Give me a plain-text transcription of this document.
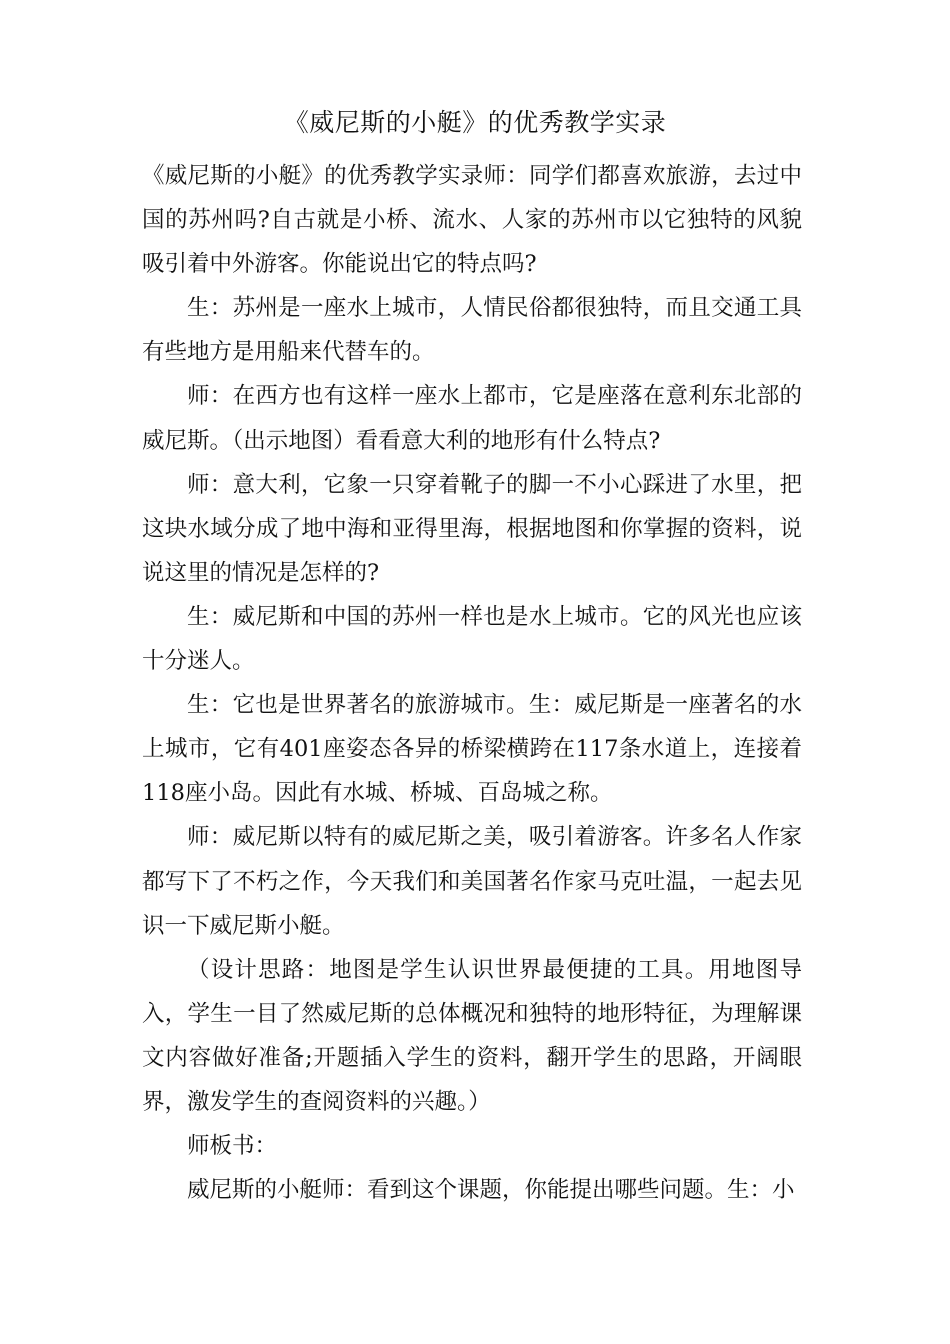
《威尼斯的小艇》的优秀教学实录

《威尼斯的小艇》的优秀教学实录师：同学们都喜欢旅游，去过中国的苏州吗?自古就是小桥、流水、人家的苏州市以它独特的风貌吸引着中外游客。你能说出它的特点吗?

生：苏州是一座水上城市，人情民俗都很独特，而且交通工具有些地方是用船来代替车的。

师：在西方也有这样一座水上都市，它是座落在意利东北部的威尼斯。（出示地图）看看意大利的地形有什么特点?

师：意大利，它象一只穿着靴子的脚一不小心踩进了水里，把这块水域分成了地中海和亚得里海，根据地图和你掌握的资料，说说这里的情况是怎样的?

生：威尼斯和中国的苏州一样也是水上城市。它的风光也应该十分迷人。

生：它也是世界著名的旅游城市。生：威尼斯是一座著名的水上城市，它有401座姿态各异的桥梁横跨在117条水道上，连接着118座小岛。因此有水城、桥城、百岛城之称。

师：威尼斯以特有的威尼斯之美，吸引着游客。许多名人作家都写下了不朽之作，今天我们和美国著名作家马克吐温，一起去见识一下威尼斯小艇。

（设计思路：地图是学生认识世界最便捷的工具。用地图导入，学生一目了然威尼斯的总体概况和独特的地形特征，为理解课文内容做好准备;开题插入学生的资料，翻开学生的思路，开阔眼界，激发学生的查阅资料的兴趣。）

师板书：

威尼斯的小艇师：看到这个课题，你能提出哪些问题。生：小
